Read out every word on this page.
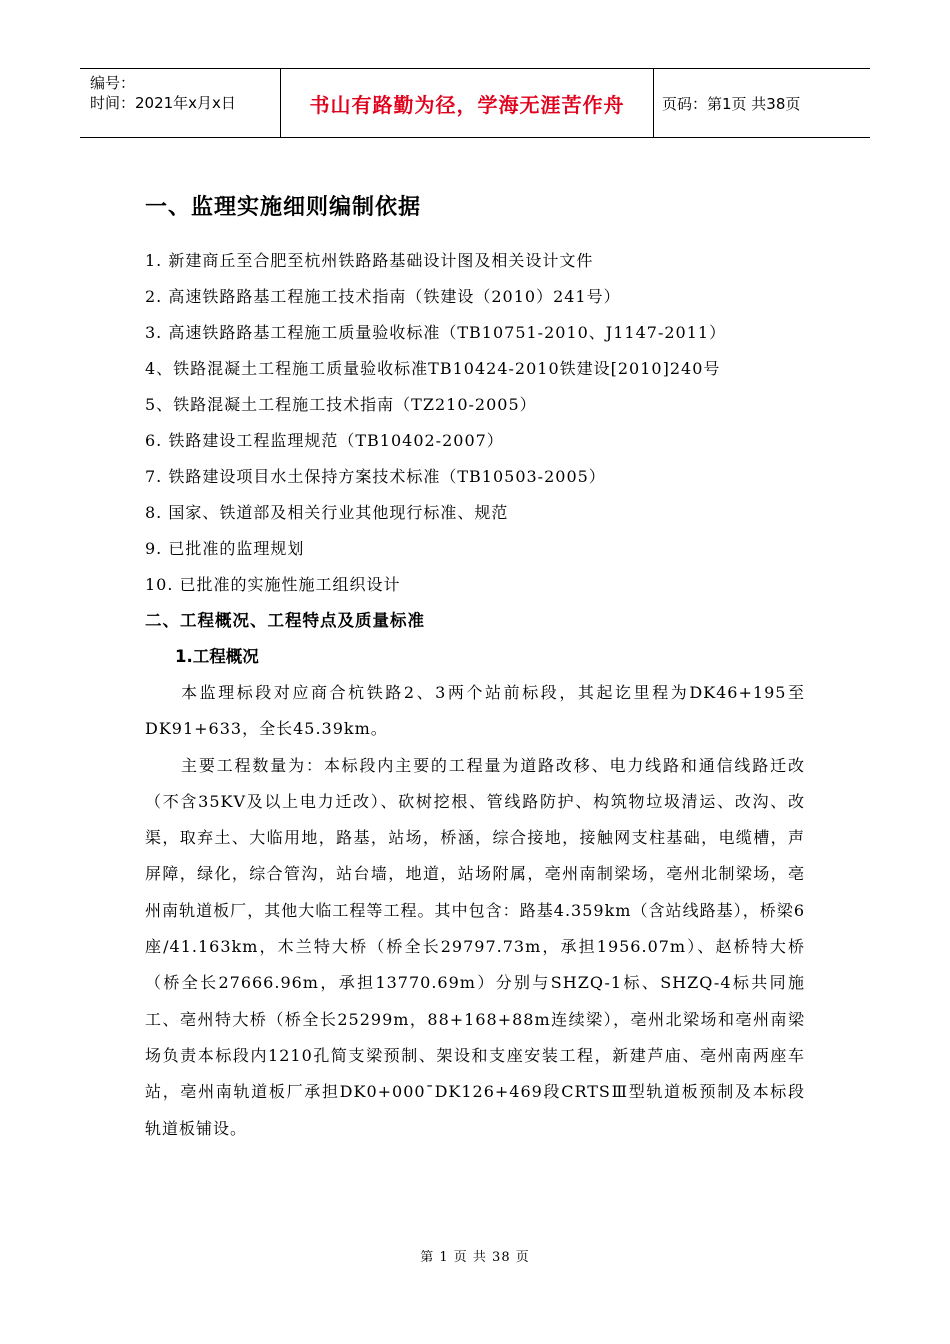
编号：
时间：2021年x月x日	书山有路勤为径，学海无涯苦作舟	页码：第1页 共38页
一、监理实施细则编制依据
1. 新建商丘至合肥至杭州铁路路基础设计图及相关设计文件
2. 高速铁路路基工程施工技术指南（铁建设（2010）241号）
3. 高速铁路路基工程施工质量验收标准（TB10751-2010、J1147-2011）
4、铁路混凝土工程施工质量验收标准TB10424-2010铁建设[2010]240号
5、铁路混凝土工程施工技术指南（TZ210-2005）
6. 铁路建设工程监理规范（TB10402-2007）
7. 铁路建设项目水土保持方案技术标准（TB10503-2005）
8. 国家、铁道部及相关行业其他现行标准、规范
9. 已批准的监理规划
10. 已批准的实施性施工组织设计
二、工程概况、工程特点及质量标准
1.工程概况

本监理标段对应商合杭铁路2、3两个站前标段，其起讫里程为DK46+195至DK91+633，全长45.39km。

主要工程数量为：本标段内主要的工程量为道路改移、电力线路和通信线路迁改（不含35KV及以上电力迁改）、砍树挖根、管线路防护、构筑物垃圾清运、改沟、改渠，取弃土、大临用地，路基，站场，桥涵，综合接地，接触网支柱基础，电缆槽，声屏障，绿化，综合管沟，站台墙，地道，站场附属，亳州南制梁场，亳州北制梁场，亳州南轨道板厂，其他大临工程等工程。其中包含：路基4.359km（含站线路基），桥梁6座/41.163km，木兰特大桥（桥全长29797.73m，承担1956.07m）、赵桥特大桥（桥全长27666.96m，承担13770.69m）分别与SHZQ-1标、SHZQ-4标共同施工、亳州特大桥（桥全长25299m，88+168+88m连续梁），亳州北梁场和亳州南梁场负责本标段内1210孔简支梁预制、架设和支座安装工程，新建芦庙、亳州南两座车站，亳州南轨道板厂承担DK0+000¯DK126+469段CRTSⅢ型轨道板预制及本标段轨道板铺设。

第 1 页 共 38 页
